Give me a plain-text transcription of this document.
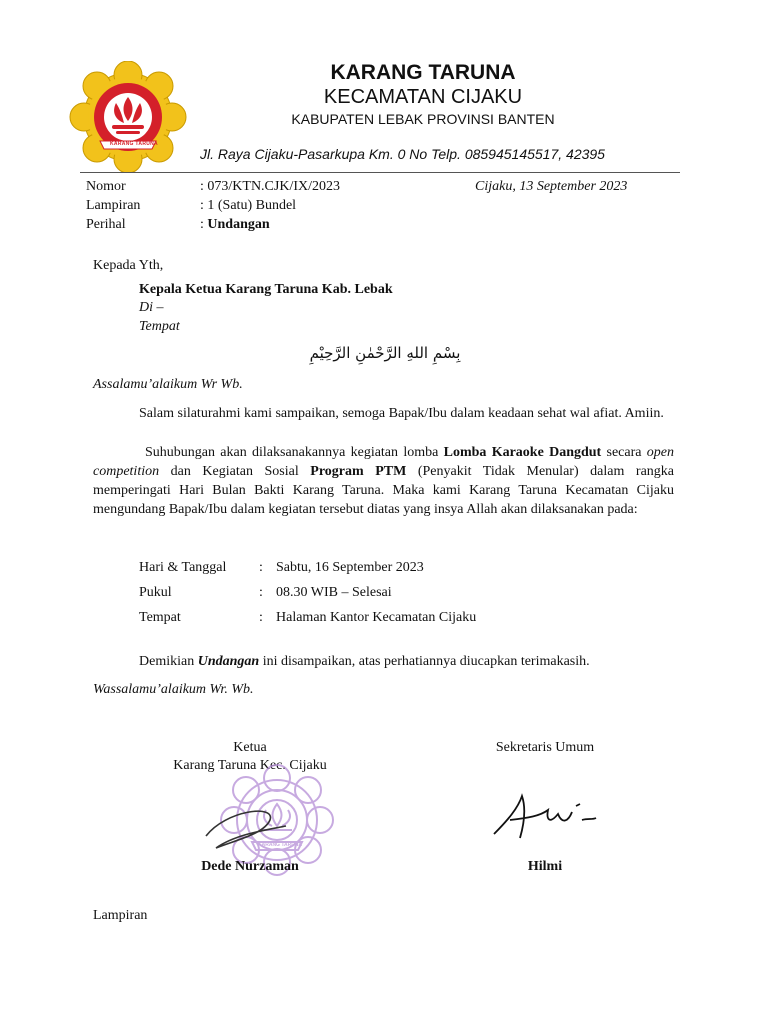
KARANG TARUNA
KARANG TARUNA
KECAMATAN CIJAKU
KABUPATEN LEBAK PROVINSI BANTEN
Jl. Raya Cijaku-Pasarkupa Km. 0 No Telp. 085945145517, 42395
Nomor	: 073/KTN.CJK/IX/2023	Cijaku, 13 September 2023
Lampiran	: 1 (Satu) Bundel
Perihal	: Undangan
Kepada Yth,
Kepala Ketua Karang Taruna Kab. Lebak
Di –
Tempat
بِسْمِ اللهِ الرَّحْمٰنِ الرَّحِيْمِ
Assalamu’alaikum Wr Wb.
Salam silaturahmi kami sampaikan, semoga Bapak/Ibu dalam keadaan sehat wal afiat. Amiin.
Suhubungan akan dilaksanakannya kegiatan lomba Lomba Karaoke Dangdut secara open competition dan Kegiatan Sosial Program PTM (Penyakit Tidak Menular) dalam rangka memperingati Hari Bulan Bakti Karang Taruna. Maka kami Karang Taruna Kecamatan Cijaku mengundang Bapak/Ibu dalam kegiatan tersebut diatas yang insya Allah akan dilaksanakan pada:
Hari & Tanggal : Sabtu, 16 September 2023
Pukul	: 08.30 WIB – Selesai
Tempat	: Halaman Kantor Kecamatan Cijaku
Demikian Undangan ini disampaikan, atas perhatiannya diucapkan terimakasih.
Wassalamu’alaikum Wr. Wb.
Ketua
Karang Taruna Kec. Cijaku
KARANG TARUNA
Dede Nurzaman
Sekretaris Umum
Hilmi
Lampiran
